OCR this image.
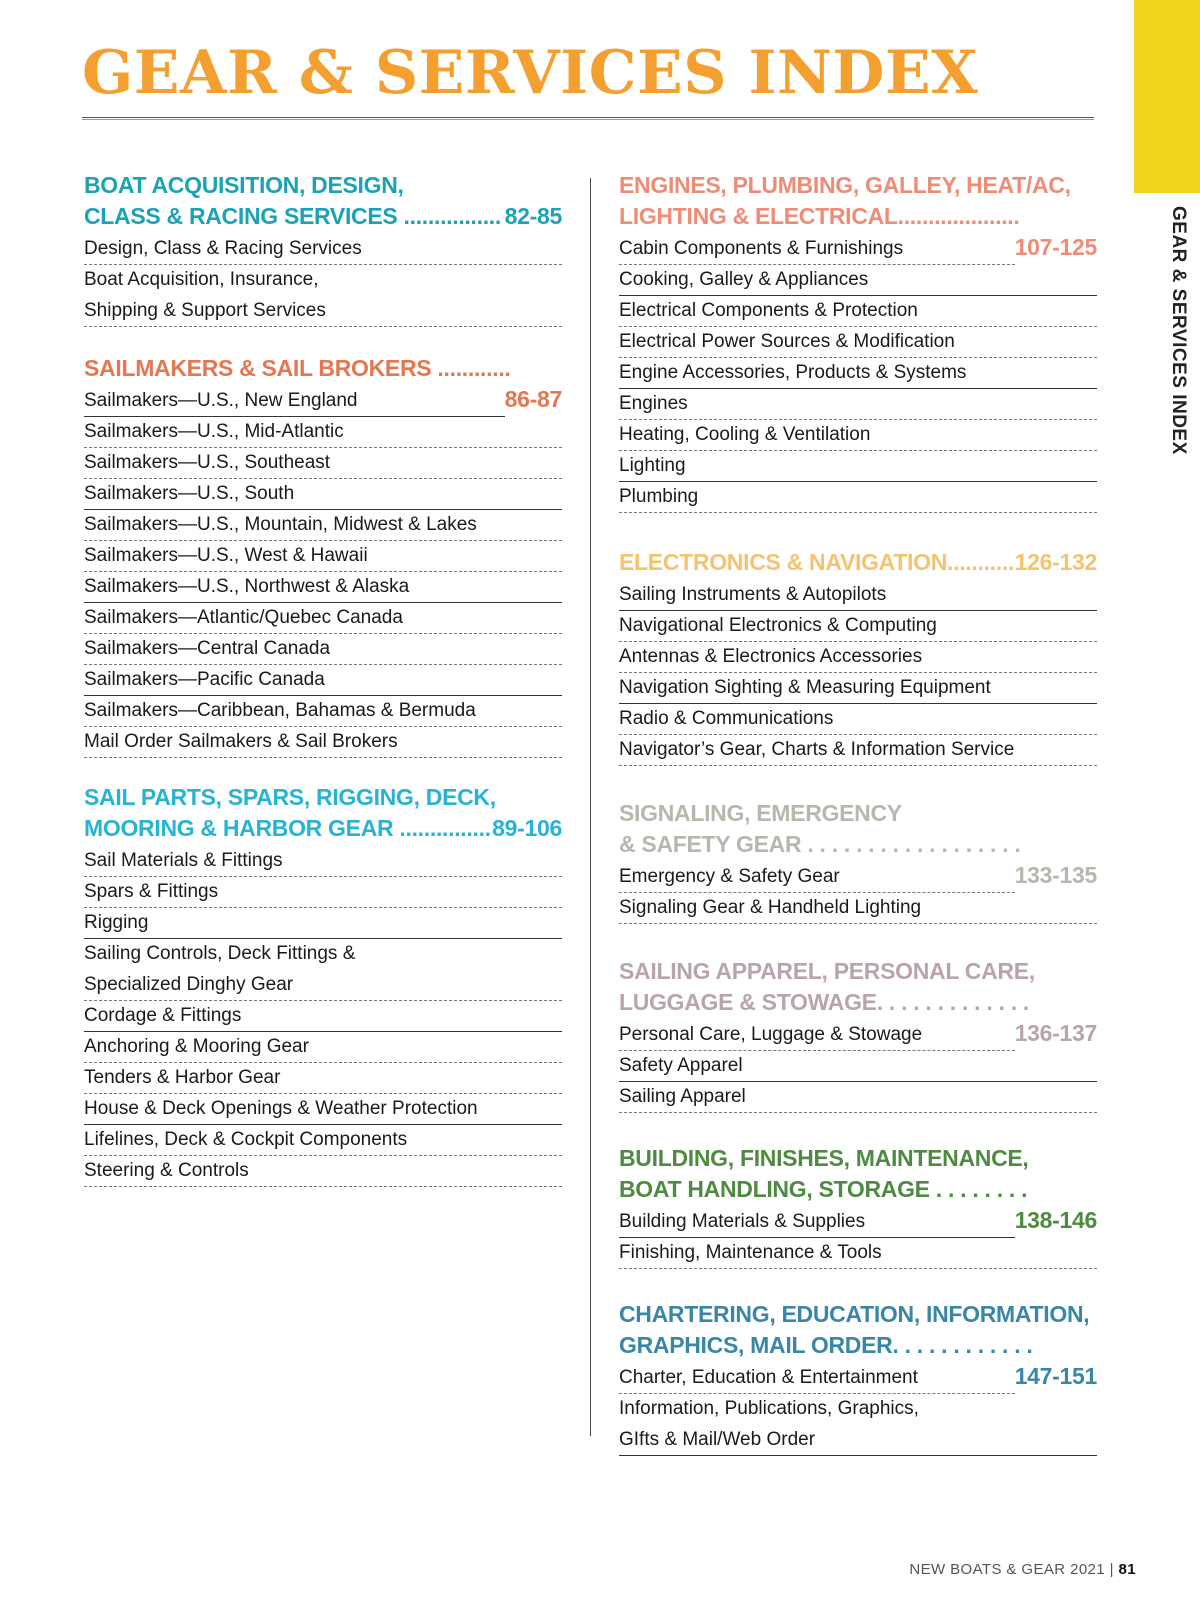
GEAR & SERVICES INDEX
GEAR & SERVICES INDEX
BOAT ACQUISITION, DESIGN,
CLASS & RACING SERVICES ................ 82-85
Design, Class & Racing Services
Boat Acquisition, Insurance,
Shipping & Support Services
SAILMAKERS & SAIL BROKERS ............
86-87
Sailmakers—U.S., New England
Sailmakers—U.S., Mid-Atlantic
Sailmakers—U.S., Southeast
Sailmakers—U.S., South
Sailmakers—U.S., Mountain, Midwest & Lakes
Sailmakers—U.S., West & Hawaii
Sailmakers—U.S., Northwest & Alaska
Sailmakers—Atlantic/Quebec Canada
Sailmakers—Central Canada
Sailmakers—Pacific Canada
Sailmakers—Caribbean, Bahamas & Bermuda
Mail Order Sailmakers & Sail Brokers
SAIL PARTS, SPARS, RIGGING, DECK,
MOORING & HARBOR GEAR ............... 89-106
Sail Materials & Fittings
Spars & Fittings
Rigging
Sailing Controls, Deck Fittings &
Specialized Dinghy Gear
Cordage & Fittings
Anchoring & Mooring Gear
Tenders & Harbor Gear
House & Deck Openings & Weather Protection
Lifelines, Deck & Cockpit Components
Steering & Controls
ENGINES, PLUMBING, GALLEY, HEAT/AC,
LIGHTING & ELECTRICAL....................
107-125
Cabin Components & Furnishings
Cooking, Galley & Appliances
Electrical Components & Protection
Electrical Power Sources & Modification
Engine Accessories, Products & Systems
Engines
Heating, Cooling & Ventilation
Lighting
Plumbing
ELECTRONICS & NAVIGATION........... 126-132
Sailing Instruments & Autopilots
Navigational Electronics & Computing
Antennas & Electronics Accessories
Navigation Sighting & Measuring Equipment
Radio & Communications
Navigator’s Gear, Charts & Information Service
SIGNALING, EMERGENCY
& SAFETY GEAR . . . . . . . . . . . . . . . . . .
133-135
Emergency & Safety Gear
Signaling Gear & Handheld Lighting
SAILING APPAREL, PERSONAL CARE,
LUGGAGE & STOWAGE. . . . . . . . . . . . .
136-137
Personal Care, Luggage & Stowage
Safety Apparel
Sailing Apparel
BUILDING, FINISHES, MAINTENANCE,
BOAT HANDLING, STORAGE . . . . . . . .
138-146
Building Materials & Supplies
Finishing, Maintenance & Tools
CHARTERING, EDUCATION, INFORMATION,
GRAPHICS, MAIL ORDER. . . . . . . . . . . .
147-151
Charter, Education & Entertainment
Information, Publications, Graphics,
GIfts & Mail/Web Order
NEW BOATS & GEAR 2021 | 81
